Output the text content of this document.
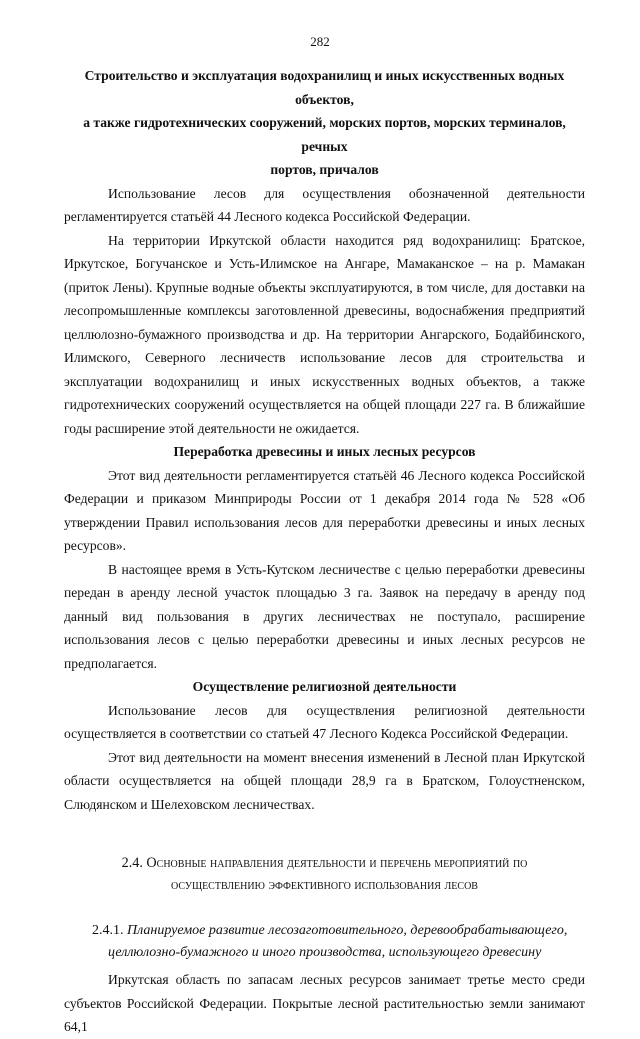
282
Строительство и эксплуатация водохранилищ и иных искусственных водных объектов,
а также гидротехнических сооружений, морских портов, морских терминалов, речных
портов, причалов

Использование лесов для осуществления обозначенной деятельности регламентируется статьёй 44 Лесного кодекса Российской Федерации.

На территории Иркутской области находится ряд водохранилищ: Братское, Иркутское, Богучанское и Усть-Илимское на Ангаре, Мамаканское – на р. Мамакан (приток Лены). Крупные водные объекты эксплуатируются, в том числе, для доставки на лесопромышленные комплексы заготовленной древесины, водоснабжения предприятий целлюлозно-бумажного производства и др. На территории Ангарского, Бодайбинского, Илимского, Северного лесничеств использование лесов для строительства и эксплуатации водохранилищ и иных искусственных водных объектов, а также гидротехнических сооружений осуществляется на общей площади 227 га. В ближайшие годы расширение этой деятельности не ожидается.

Переработка древесины и иных лесных ресурсов

Этот вид деятельности регламентируется статьёй 46 Лесного кодекса Российской Федерации и приказом Минприроды России от 1 декабря 2014 года № 528 «Об утверждении Правил использования лесов для переработки древесины и иных лесных ресурсов».

В настоящее время в Усть-Кутском лесничестве с целью переработки древесины передан в аренду лесной участок площадью 3 га. Заявок на передачу в аренду под данный вид пользования в других лесничествах не поступало, расширение использования лесов с целью переработки древесины и иных лесных ресурсов не предполагается.

Осуществление религиозной деятельности

Использование лесов для осуществления религиозной деятельности осуществляется в соответствии со статьей 47 Лесного Кодекса Российской Федерации.

Этот вид деятельности на момент внесения изменений в Лесной план Иркутской области осуществляется на общей площади 28,9 га в Братском, Голоустненском, Слюдянском и Шелеховском лесничествах.

2.4. Основные направления деятельности и перечень мероприятий по
осуществлению эффективного использования лесов
2.4.1. Планируемое развитие лесозаготовительного, деревообрабатывающего,
целлюлозно-бумажного и иного производства, использующего древесину

Иркутская область по запасам лесных ресурсов занимает третье место среди субъектов Российской Федерации. Покрытые лесной растительностью земли занимают 64,1
